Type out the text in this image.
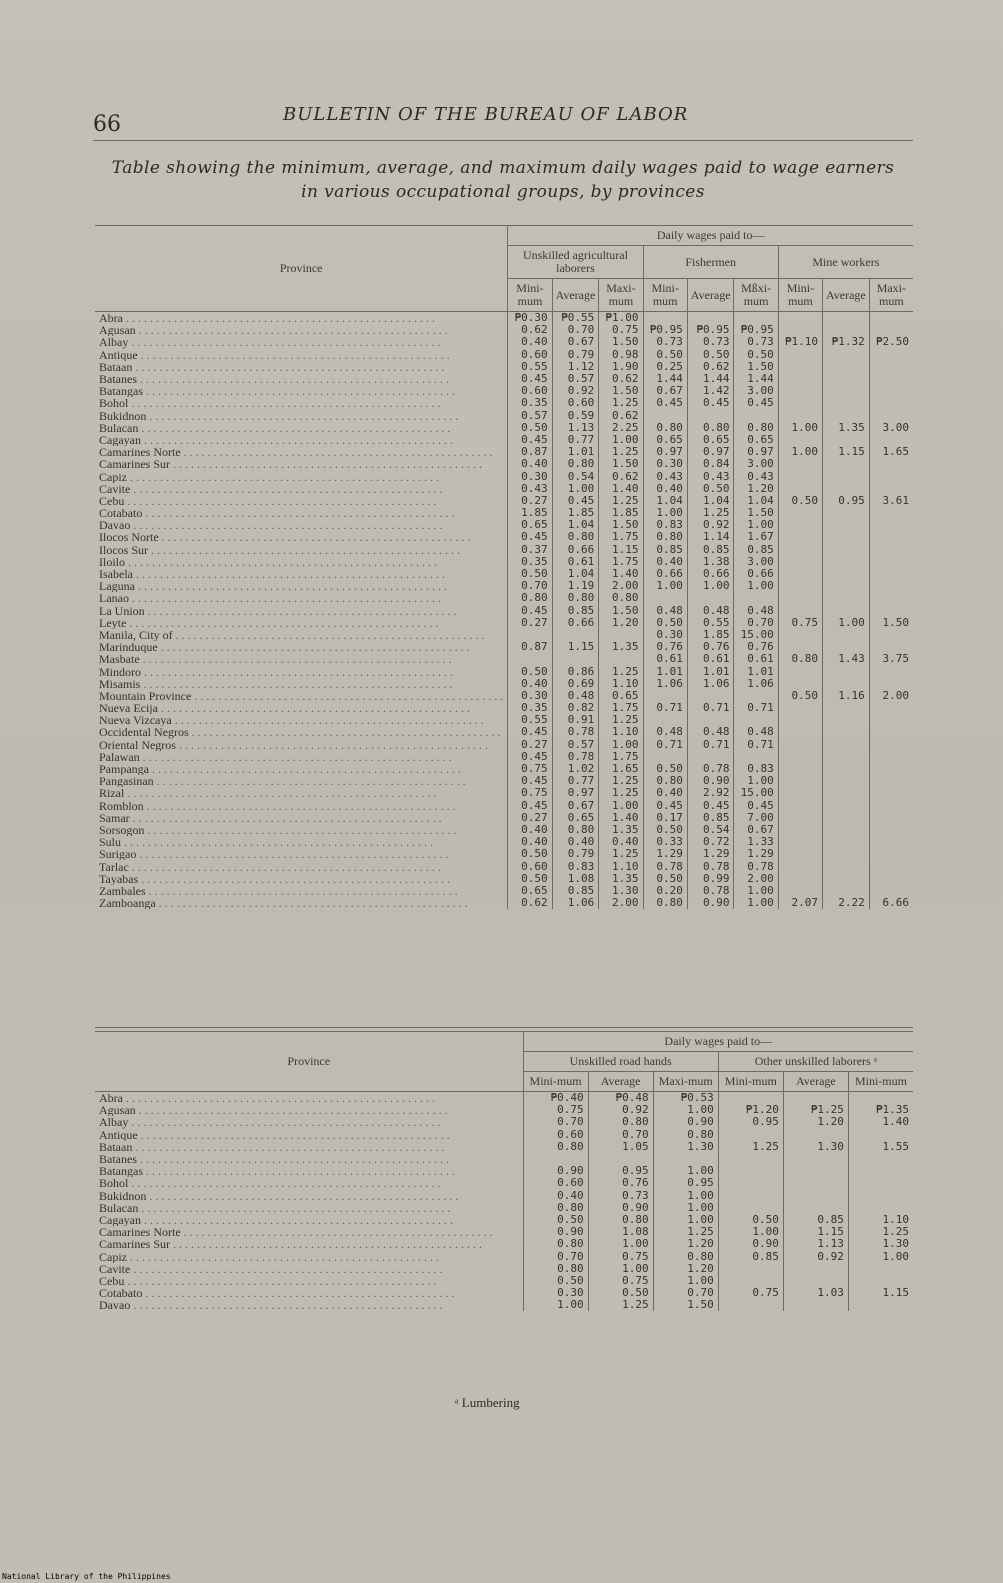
66	BULLETIN OF THE BUREAU OF LABOR
Table showing the minimum, average, and maximum daily wages paid to wage earners
in various occupational groups, by provinces
Province	Daily wages paid to—								
	Unskilled agricultural laborers			Fishermen			Mine workers		
	Mini-mum	Average	Maxi-mum	Mini-mum	Average	Mßxi-mum	Mini-mum	Average	Maxi-mum
Abra . . .	₱0.30	₱0.55	₱1.00						
Agusan . . .	0.62	0.70	0.75	₱0.95	₱0.95	₱0.95			
Albay . . .	0.40	0.67	1.50	0.73	0.73	0.73	₱1.10	₱1.32	₱2.50
Antique . . .	0.60	0.79	0.98	0.50	0.50	0.50			
Bataan . . .	0.55	1.12	1.90	0.25	0.62	1.50			
Batanes . . .	0.45	0.57	0.62	1.44	1.44	1.44			
Batangas . . .	0.60	0.92	1.50	0.67	1.42	3.00			
Bohol . . .	0.35	0.60	1.25	0.45	0.45	0.45			
Bukidnon . . .	0.57	0.59	0.62						
Bulacan . . .	0.50	1.13	2.25	0.80	0.80	0.80	1.00	1.35	3.00
Cagayan . . .	0.45	0.77	1.00	0.65	0.65	0.65			
Camarines Norte . . .	0.87	1.01	1.25	0.97	0.97	0.97	1.00	1.15	1.65
Camarines Sur . . .	0.40	0.80	1.50	0.30	0.84	3.00			
Capiz . . .	0.30	0.54	0.62	0.43	0.43	0.43			
Cavite . . .	0.43	1.00	1.40	0.40	0.50	1.20			
Cebu . . .	0.27	0.45	1.25	1.04	1.04	1.04	0.50	0.95	3.61
Cotabato . . .	1.85	1.85	1.85	1.00	1.25	1.50			
Davao . . .	0.65	1.04	1.50	0.83	0.92	1.00			
Ilocos Norte . . .	0.45	0.80	1.75	0.80	1.14	1.67			
Ilocos Sur . . .	0.37	0.66	1.15	0.85	0.85	0.85			
Iloilo . . .	0.35	0.61	1.75	0.40	1.38	3.00			
Isabela . . .	0.50	1.04	1.40	0.66	0.66	0.66			
Laguna . . .	0.70	1.19	2.00	1.00	1.00	1.00			
Lanao . . .	0.80	0.80	0.80						
La Union . . .	0.45	0.85	1.50	0.48	0.48	0.48			
Leyte . . .	0.27	0.66	1.20	0.50	0.55	0.70	0.75	1.00	1.50
Manila, City of . . .				0.30	1.85	15.00			
Marinduque . . .	0.87	1.15	1.35	0.76	0.76	0.76			
Masbate . . .				0.61	0.61	0.61	0.80	1.43	3.75
Mindoro . . .	0.50	0.86	1.25	1.01	1.01	1.01			
Misamis . . .	0.40	0.69	1.10	1.06	1.06	1.06			
Mountain Province . . .	0.30	0.48	0.65				0.50	1.16	2.00
Nueva Ecija . . .	0.35	0.82	1.75	0.71	0.71	0.71			
Nueva Vizcaya . . .	0.55	0.91	1.25						
Occidental Negros . . .	0.45	0.78	1.10	0.48	0.48	0.48			
Oriental Negros . . .	0.27	0.57	1.00	0.71	0.71	0.71			
Palawan . . .	0.45	0.78	1.75						
Pampanga . . .	0.75	1.02	1.65	0.50	0.78	0.83			
Pangasinan . . .	0.45	0.77	1.25	0.80	0.90	1.00			
Rizal . . .	0.75	0.97	1.25	0.40	2.92	15.00			
Romblon . . .	0.45	0.67	1.00	0.45	0.45	0.45			
Samar . . .	0.27	0.65	1.40	0.17	0.85	7.00			
Sorsogon . . .	0.40	0.80	1.35	0.50	0.54	0.67			
Sulu . . .	0.40	0.40	0.40	0.33	0.72	1.33			
Surigao . . .	0.50	0.79	1.25	1.29	1.29	1.29			
Tarlac . . .	0.60	0.83	1.10	0.78	0.78	0.78			
Tayabas . . .	0.50	1.08	1.35	0.50	0.99	2.00			
Zambales . . .	0.65	0.85	1.30	0.20	0.78	1.00			
Zamboanga . . .	0.62	1.06	2.00	0.80	0.90	1.00	2.07	2.22	6.66
Province	Daily wages paid to—					
	Unskilled road hands			Other unskilled laborers ᵃ		
	Mini-mum	Average	Maxi-mum	Mini-mum	Average	Mini-mum
Abra . . .	₱0.40	₱0.48	₱0.53			
Agusan . . .	0.75	0.92	1.00	₱1.20	₱1.25	₱1.35
Albay . . .	0.70	0.80	0.90	0.95	1.20	1.40
Antique . . .	0.60	0.70	0.80			
Bataan . . .	0.80	1.05	1.30	1.25	1.30	1.55
Batanes . . .						
Batangas . . .	0.90	0.95	1.00			
Bohol . . .	0.60	0.76	0.95			
Bukidnon . . .	0.40	0.73	1.00			
Bulacan . . .	0.80	0.90	1.00			
Cagayan . . .	0.50	0.80	1.00	0.50	0.85	1.10
Camarines Norte . . .	0.90	1.08	1.25	1.00	1.15	1.25
Camarines Sur . . .	0.80	1.00	1.20	0.90	1.13	1.30
Capiz . . .	0.70	0.75	0.80	0.85	0.92	1.00
Cavite . . .	0.80	1.00	1.20			
Cebu . . .	0.50	0.75	1.00			
Cotabato . . .	0.30	0.50	0.70	0.75	1.03	1.15
Davao . . .	1.00	1.25	1.50			
ᵃ Lumbering
National Library of the Philippines
